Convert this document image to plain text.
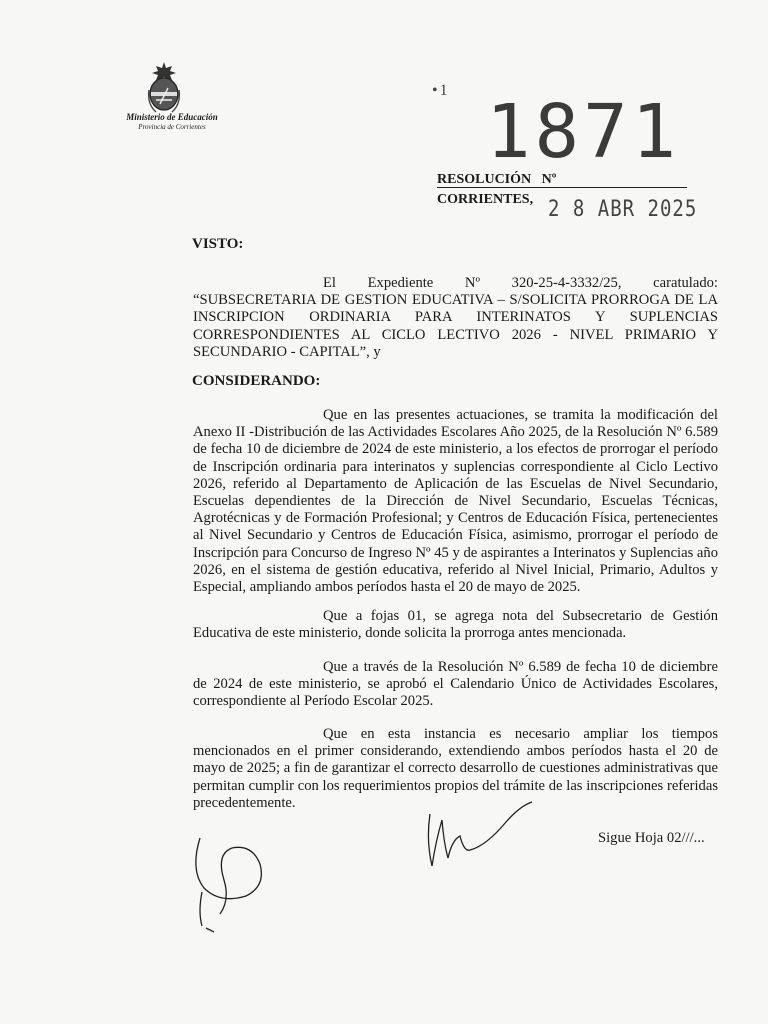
Ministerio de Educación
Provincia de Corrientes
•1 1871
RESOLUCIÓN   Nº
CORRIENTES, 2 8 ABR 2025
VISTO:
El Expediente Nº 320-25-4-3332/25, caratulado: “SUBSECRETARIA DE GESTION EDUCATIVA – S/SOLICITA PRORROGA DE LA INSCRIPCION ORDINARIA PARA INTERINATOS Y SUPLENCIAS CORRESPONDIENTES AL CICLO LECTIVO 2026 - NIVEL PRIMARIO Y SECUNDARIO - CAPITAL”, y
CONSIDERANDO:
Que en las presentes actuaciones, se tramita la modificación del Anexo II -Distribución de las Actividades Escolares Año 2025, de la Resolución Nº 6.589 de fecha 10 de diciembre de 2024 de este ministerio, a los efectos de prorrogar el período de Inscripción ordinaria para interinatos y suplencias correspondiente al Ciclo Lectivo 2026, referido al Departamento de Aplicación de las Escuelas de Nivel Secundario, Escuelas dependientes de la Dirección de Nivel Secundario, Escuelas Técnicas, Agrotécnicas y de Formación Profesional; y Centros de Educación Física, pertenecientes al Nivel Secundario y Centros de Educación Física, asimismo, prorrogar el período de Inscripción para Concurso de Ingreso Nº 45 y de aspirantes a Interinatos y Suplencias año 2026, en el sistema de gestión educativa, referido al Nivel Inicial, Primario, Adultos y Especial, ampliando ambos períodos hasta el 20 de mayo de 2025.
Que a fojas 01, se agrega nota del Subsecretario de Gestión Educativa de este ministerio, donde solicita la prorroga antes mencionada.
Que a través de la Resolución Nº 6.589 de fecha 10 de diciembre de 2024 de este ministerio, se aprobó el Calendario Único de Actividades Escolares, correspondiente al Período Escolar 2025.
Que en esta instancia es necesario ampliar los tiempos mencionados en el primer considerando, extendiendo ambos períodos hasta el 20 de mayo de 2025; a fin de garantizar el correcto desarrollo de cuestiones administrativas que permitan cumplir con los requerimientos propios del trámite de las inscripciones referidas precedentemente.
Sigue Hoja 02///...
